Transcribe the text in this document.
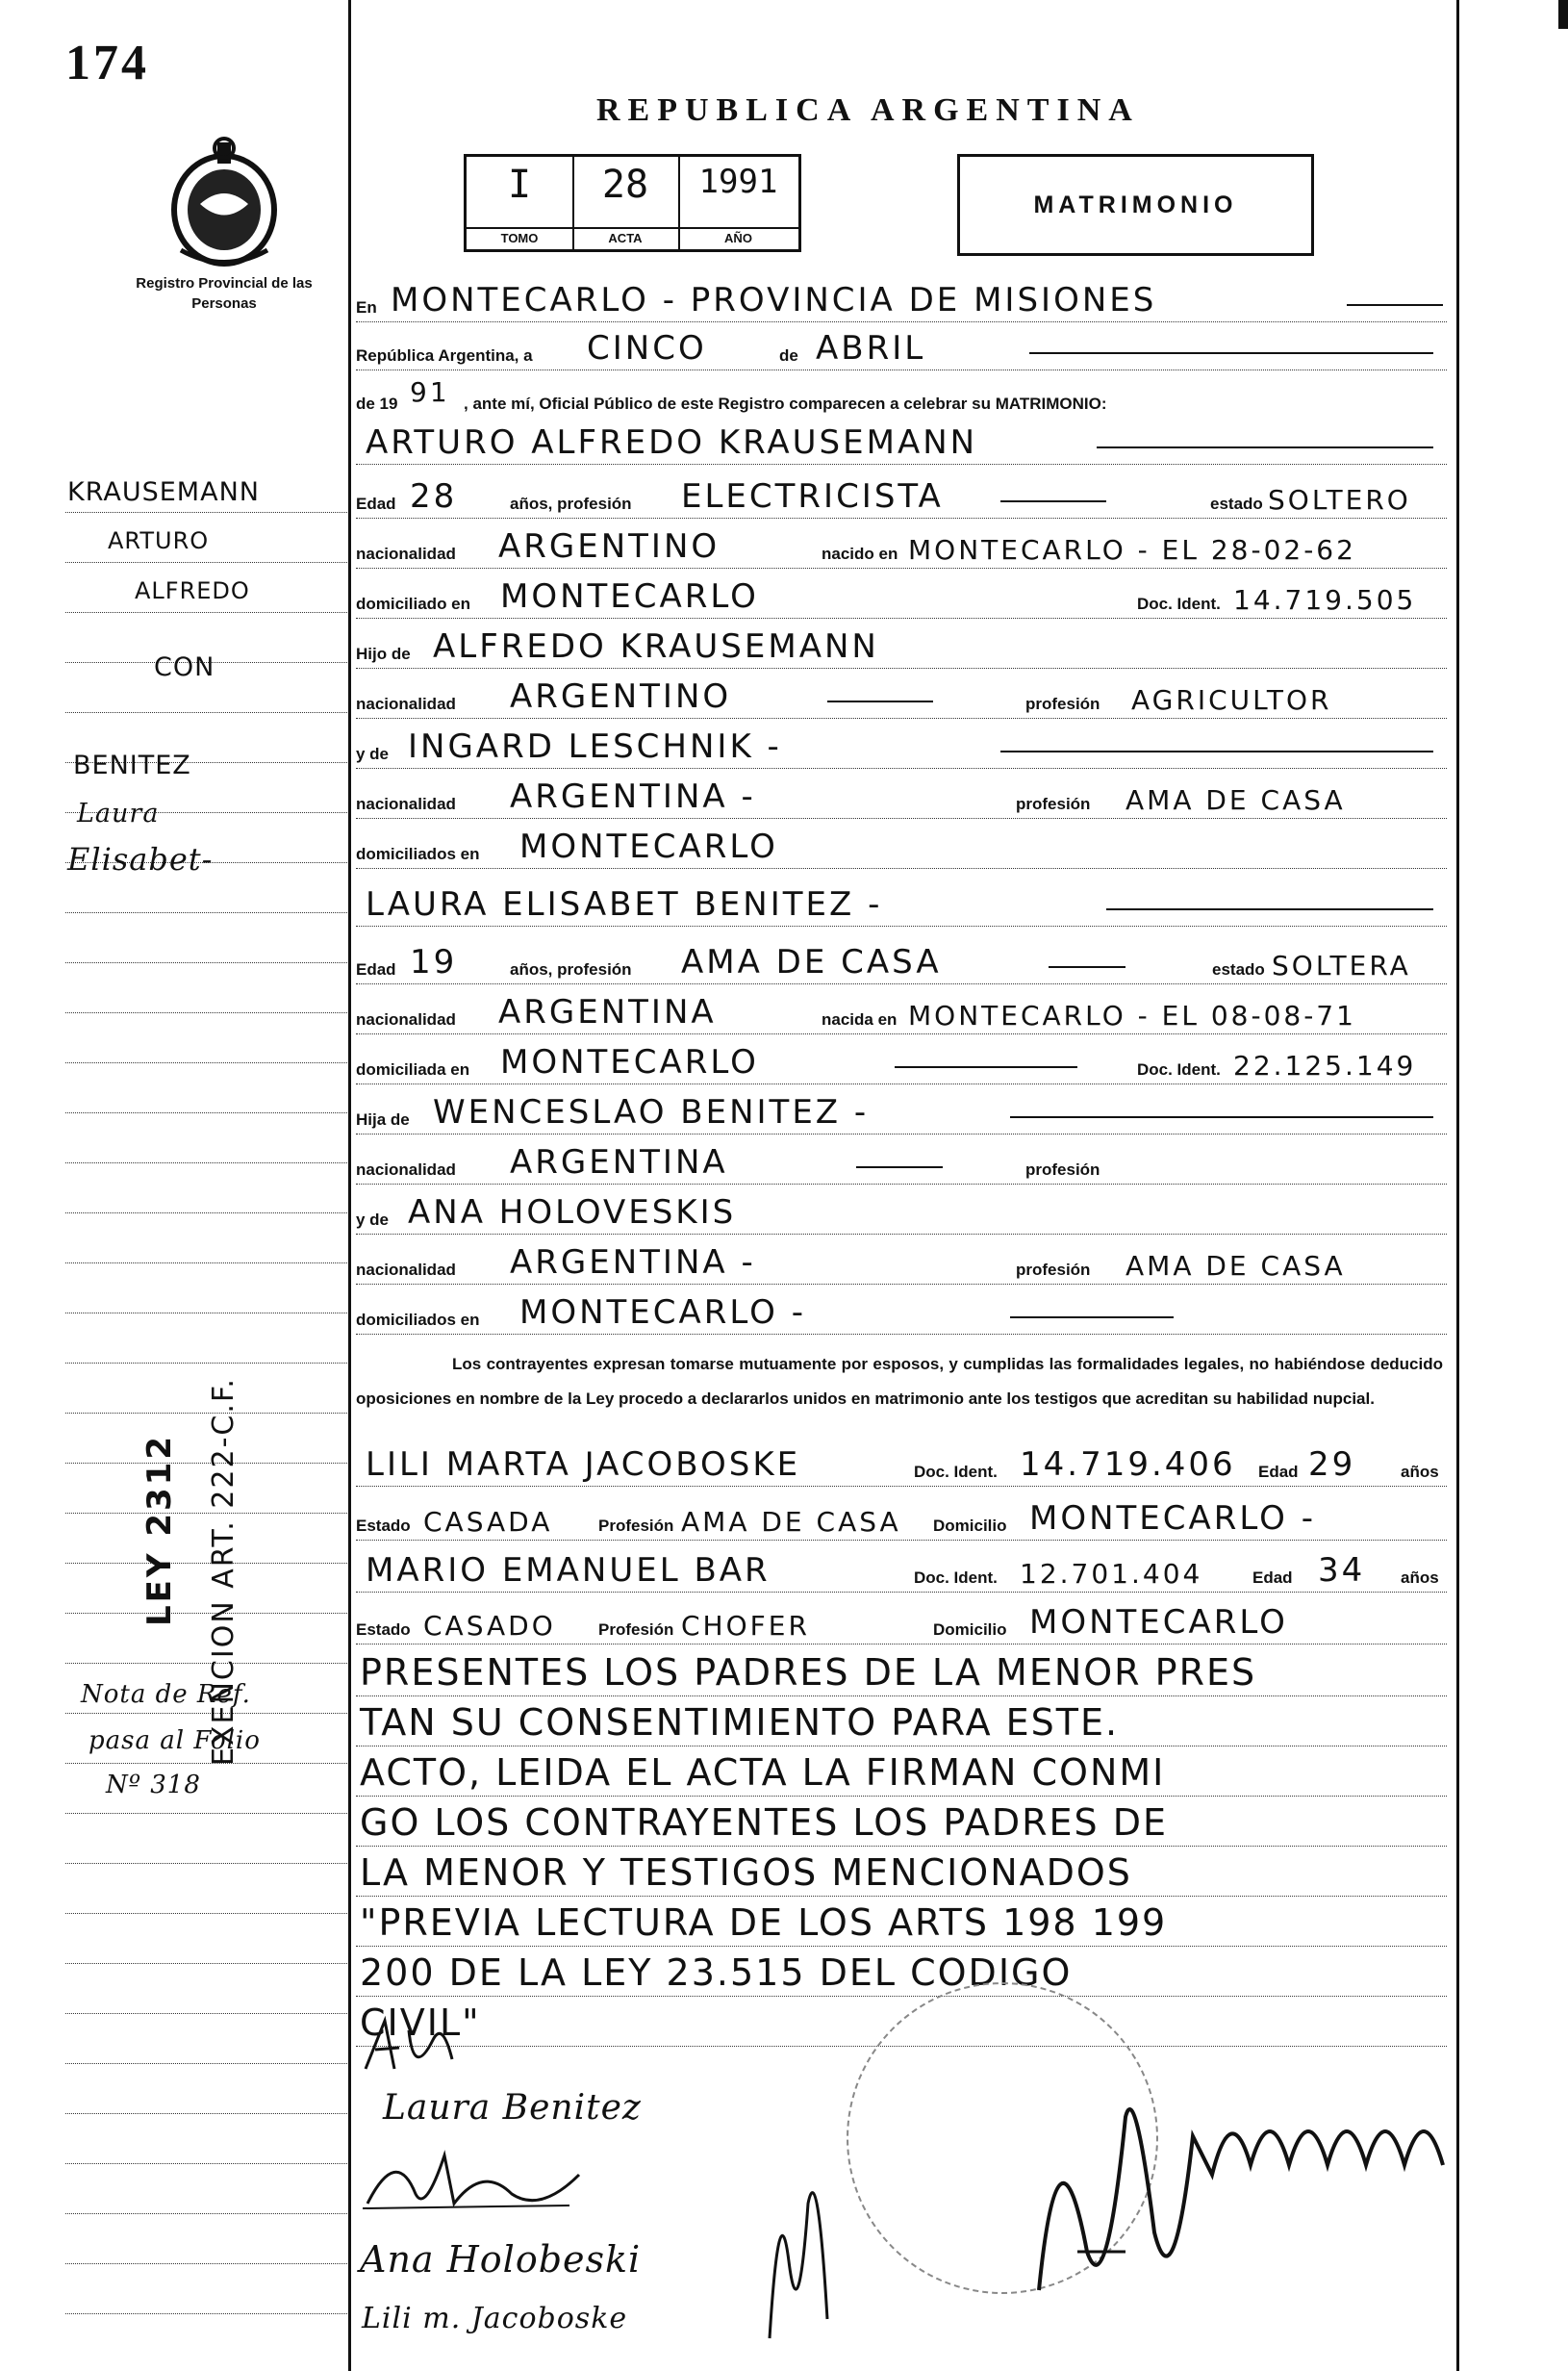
174
REPUBLICA ARGENTINA
I
TOMO
28
ACTA
1991
AÑO
MATRIMONIO
Registro Provincial de las Personas	En MONTECARLO - PROVINCIA DE MISIONES
República Argentina, a CINCO	de ABRIL
de 19 91 , ante mí, Oficial Público de este Registro comparecen a celebrar su MATRIMONIO:
ARTURO ALFREDO KRAUSEMANN
Edad 28	años, profesión ELECTRICISTA	estado SOLTERO
nacionalidad ARGENTINO	nacido en MONTECARLO - EL 28-02-62
domiciliado en MONTECARLO	Doc. Ident. 14.719.505
Hijo de ALFREDO KRAUSEMANN
nacionalidad ARGENTINO	profesión AGRICULTOR
y de INGARD LESCHNIK -
nacionalidad ARGENTINA -	profesión AMA DE CASA
domiciliados en MONTECARLO
LAURA ELISABET BENITEZ -
Edad 19	años, profesión AMA DE CASA	estado SOLTERA
nacionalidad ARGENTINA	nacida en MONTECARLO - EL 08-08-71
domiciliada en MONTECARLO	Doc. Ident. 22.125.149
Hija de WENCESLAO BENITEZ -
nacionalidad ARGENTINA	profesión
y de ANA HOLOVESKIS
nacionalidad ARGENTINA -	profesión AMA DE CASA
domiciliados en MONTECARLO -
Los contrayentes expresan tomarse mutuamente por esposos, y cumplidas las formalidades legales, no habiéndose deducido oposiciones en nombre de la Ley procedo a declararlos unidos en matrimonio ante los testigos que acreditan su habilidad nupcial.
LILI MARTA JACOBOSKE	Doc. Ident. 14.719.406 Edad 29	años
Estado CASADA	Profesión AMA DE CASA Domicilio MONTECARLO -
MARIO EMANUEL BAR	Doc. Ident. 12.701.404	Edad 34 años
Estado CASADO	Profesión CHOFER	Domicilio MONTECARLO
PRESENTES LOS PADRES DE LA MENOR PRES
TAN SU CONSENTIMIENTO PARA ESTE.
ACTO, LEIDA EL ACTA LA FIRMAN CONMI
GO LOS CONTRAYENTES LOS PADRES DE
LA MENOR Y TESTIGOS MENCIONADOS
"PREVIA LECTURA DE LOS ARTS 198 199
200 DE LA LEY 23.515 DEL CODIGO
CIVIL"
KRAUSEMANN
ARTURO
ALFREDO
CON
BENITEZ
Laura
Elisabet-
LEY 2312 EXENCION ART. 222-C.F.
Nota de Ref.
pasa al Folio
Nº 318
Laura Benitez
Ana Holobeski
Lili m. Jacoboske
